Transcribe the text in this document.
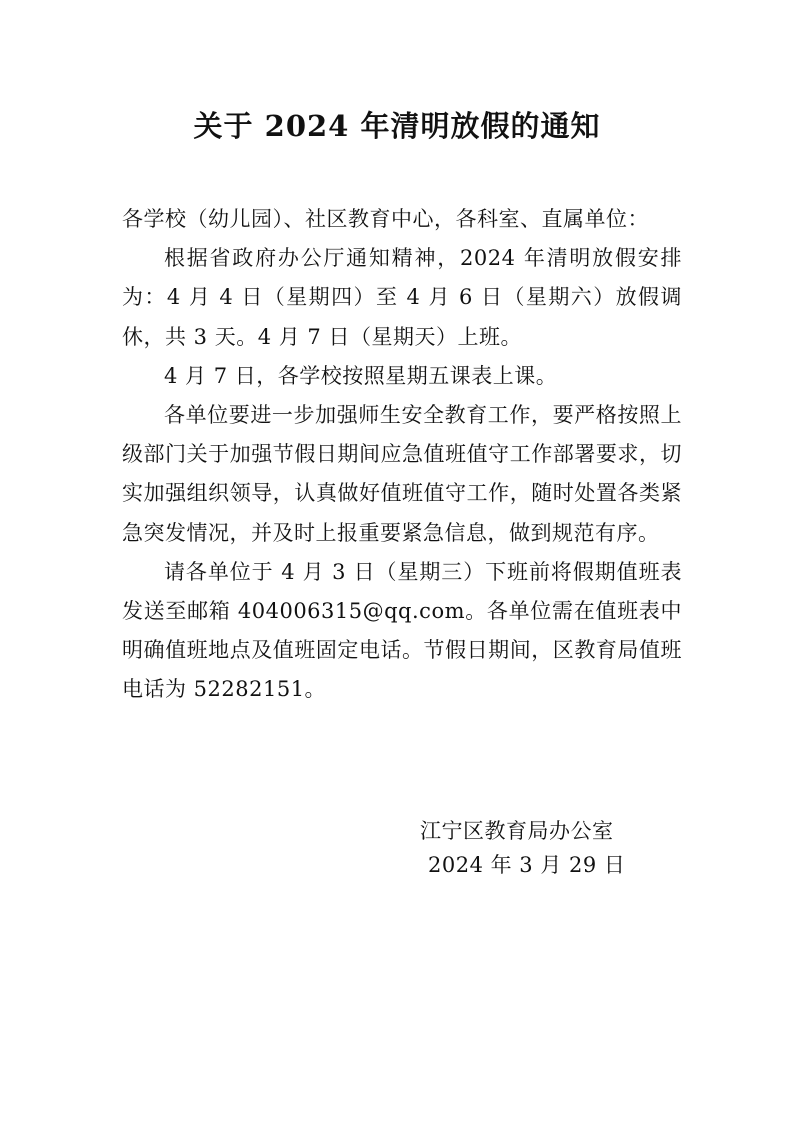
关于 2024 年清明放假的通知

各学校（幼儿园）、社区教育中心，各科室、直属单位：

根据省政府办公厅通知精神，2024 年清明放假安排为：4 月 4 日（星期四）至 4 月 6 日（星期六）放假调休，共 3 天。4 月 7 日（星期天）上班。

4 月 7 日，各学校按照星期五课表上课。

各单位要进一步加强师生安全教育工作，要严格按照上级部门关于加强节假日期间应急值班值守工作部署要求，切实加强组织领导，认真做好值班值守工作，随时处置各类紧急突发情况，并及时上报重要紧急信息，做到规范有序。

请各单位于 4 月 3 日（星期三）下班前将假期值班表发送至邮箱 404006315@qq.com。各单位需在值班表中明确值班地点及值班固定电话。节假日期间，区教育局值班电话为 52282151。

江宁区教育局办公室
2024 年 3 月 29 日
